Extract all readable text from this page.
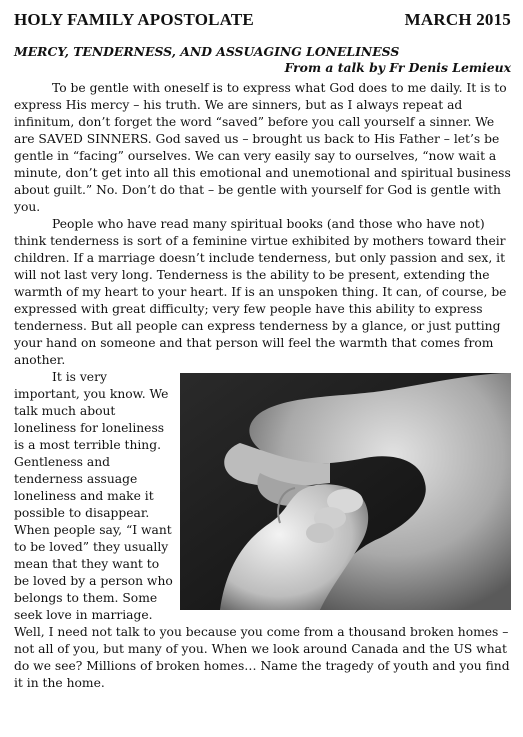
HOLY FAMILY APOSTOLATE	MARCH 2015
MERCY, TENDERNESS, AND ASSUAGING LONELINESS
From a talk by Fr Denis Lemieux

To be gentle with oneself is to express what God does to me daily. It is to express His mercy – his truth. We are sinners, but as I always repeat ad infinitum, don’t forget the word “saved” before you call yourself a sinner. We are SAVED SINNERS. God saved us – brought us back to His Father – let’s be gentle in “facing” ourselves. We can very easily say to ourselves, “now wait a minute, don’t get into all this emotional and unemotional and spiritual business about guilt.” No. Don’t do that – be gentle with yourself for God is gentle with you.

People who have read many spiritual books (and those who have not) think tenderness is sort of a feminine virtue exhibited by mothers toward their children. If a marriage doesn’t include tenderness, but only passion and sex, it will not last very long. Tenderness is the ability to be present, extending the warmth of my heart to your heart. If is an unspoken thing. It can, of course, be expressed with great difficulty; very few people have this ability to express tenderness. But all people can express tenderness by a glance, or just putting your hand on someone and that person will feel the warmth that comes from another.

It is very important, you know. We talk much about loneliness for loneliness is a most terrible thing. Gentleness and tenderness assuage loneliness and make it possible to disappear. When people say, “I want to be loved” they usually mean that they want to be loved by a person who belongs to them. Some seek love in marriage. Well, I need not talk to you because you come from a thousand broken homes – not all of you, but many of you. When we look around Canada and the US what do we see? Millions of broken homes… Name the tragedy of youth and you find it in the home.
